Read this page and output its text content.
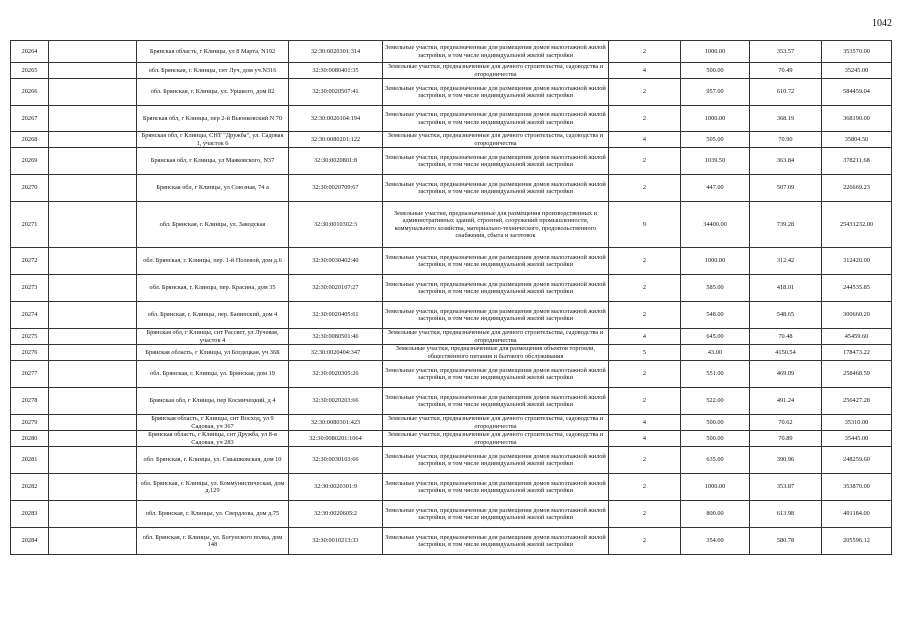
1042
20264		Брянская область, г Клинцы, ул 8 Марта, N192	32:30:0020301:314	Земельные участки, предназначенные для размещения домов малоэтажной жилой застройки, в том числе индивидуальной жилой застройки	2	1000.00	353.57	353570.00
20265		обл. Брянская, г. Клинцы, снт Луч, дом уч.N316	32:30:0080401:35	Земельные участки, предназначенные для дачного строительства, садоводства и огородничества	4	500.00	70.49	35245.00
20266		обл. Брянская, г. Клинцы, ул. Уршкого, дом 82	32:30:0020507:41	Земельные участки, предназначенные для размещения домов малоэтажной жилой застройки, в том числе индивидуальной жилой застройки	2	957.00	610.72	584459.04
20267		Брянская обл, г Клинцы, пер 2-й Вьюнковский N 70	32:30:0020104:194	Земельные участки, предназначенные для размещения домов малоэтажной жилой застройки, в том числе индивидуальной жилой застройки	2	1000.00	368.19	368190.00
20268		Брянская обл, г Клинцы, СНТ "Дружба", ул. Садовая 1, участок 6	32:30:0080201:122	Земельные участки, предназначенные для дачного строительства, садоводства и огородничества	4	505.00	70.90	35804.50
20269		Брянская обл, г Клинцы, ул Маяковского, N37	32:30:0020801:8	Земельные участки, предназначенные для размещения домов малоэтажной жилой застройки, в том числе индивидуальной жилой застройки	2	1039.50	363.84	378211.68
20270		Брянская обл, г Клинцы, ул Союзная, 74 а	32:30:0020709:67	Земельные участки, предназначенные для размещения домов малоэтажной жилой застройки, в том числе индивидуальной жилой застройки	2	447.00	507.09	226669.23
20271		обл. Брянская, г. Клинцы, ул. Заводская	32:30:0010302:3	Земельные участки, предназначенные для размещения производственных и административных зданий, строений, сооружений промышленности, коммунального хозяйства, материально-технического, продовольственного снабжения, сбыта и заготовок	9	34400.00	739.28	25431232.00
20272		обл. Брянская, г. Клинцы, пер. 1-й Полевой, дом д.6	32:30:0030402:40	Земельные участки, предназначенные для размещения домов малоэтажной жилой застройки, в том числе индивидуальной жилой застройки	2	1000.00	312.42	312420.00
20273		обл. Брянская, г. Клинцы, пер. Красина, дом 35	32:30:0020107:27	Земельные участки, предназначенные для размещения домов малоэтажной жилой застройки, в том числе индивидуальной жилой застройки	2	585.00	418.01	244535.85
20274		обл. Брянская, г. Клинцы, пер. Банинский, дом 4	32:30:0020405:61	Земельные участки, предназначенные для размещения домов малоэтажной жилой застройки, в том числе индивидуальной жилой застройки	2	548.00	548.65	300660.20
20275		Брянская обл, г Клинцы, снт Рассвет, ул Лучевая, участок 4	32:30:0080501:46	Земельные участки, предназначенные для дачного строительства, садоводства и огородничества	4	645.00	70.48	45459.60
20276		Брянская область, г Клинцы, ул Богдецкая, уч 36Б	32:30:0020404:347	Земельные участки, предназначенные для размещения объектов торговли, общественного питания и бытового обслуживания	5	43.00	4150.54	178473.22
20277		обл. Брянская, г. Клинцы, ул. Брянская, дом 19	32:30:0020305:26	Земельные участки, предназначенные для размещения домов малоэтажной жилой застройки, в том числе индивидуальной жилой застройки	2	551.00	469.09	258468.59
20278		Брянская обл, г Клинцы, пер Космичецкий, д 4	32:30:0020203:66	Земельные участки, предназначенные для размещения домов малоэтажной жилой застройки, в том числе индивидуальной жилой застройки	2	522.00	491.24	256427.28
20279		Брянская область, г Клинцы, снт Восход, ул 9 Садовая, уч 367	32:30:0080301:423	Земельные участки, предназначенные для дачного строительства, садоводства и огородничества	4	500.00	70.62	35310.00
20280		Брянская область, г Клинцы, снт Дружба, ул 8-я Садовая, уч 283	32:30:0080201:1064	Земельные участки, предназначенные для дачного строительства, садоводства и огородничества	4	500.00	70.89	35445.00
20281		обл. Брянская, г. Клинцы, ул. Смышковская, дом 10	32:30:0030103:66	Земельные участки, предназначенные для размещения домов малоэтажной жилой застройки, в том числе индивидуальной жилой застройки	2	635.00	390.96	248259.60
20282		обл. Брянская, г. Клинцы, ул. Коммунистическая, дом д.129	32:30:0020301:9	Земельные участки, предназначенные для размещения домов малоэтажной жилой застройки, в том числе индивидуальной жилой застройки	2	1000.00	353.87	353870.00
20283		обл. Брянская, г. Клинцы, ул. Свердлова, дом д.75	32:30:0020605:2	Земельные участки, предназначенные для размещения домов малоэтажной жилой застройки, в том числе индивидуальной жилой застройки	2	800.00	613.98	491184.00
20284		обл. Брянская, г. Клинцы, ул. Богунского полка, дом 148	32:30:0010213:33	Земельные участки, предназначенные для размещения домов малоэтажной жилой застройки, в том числе индивидуальной жилой застройки	2	354.00	580.78	205596.12
